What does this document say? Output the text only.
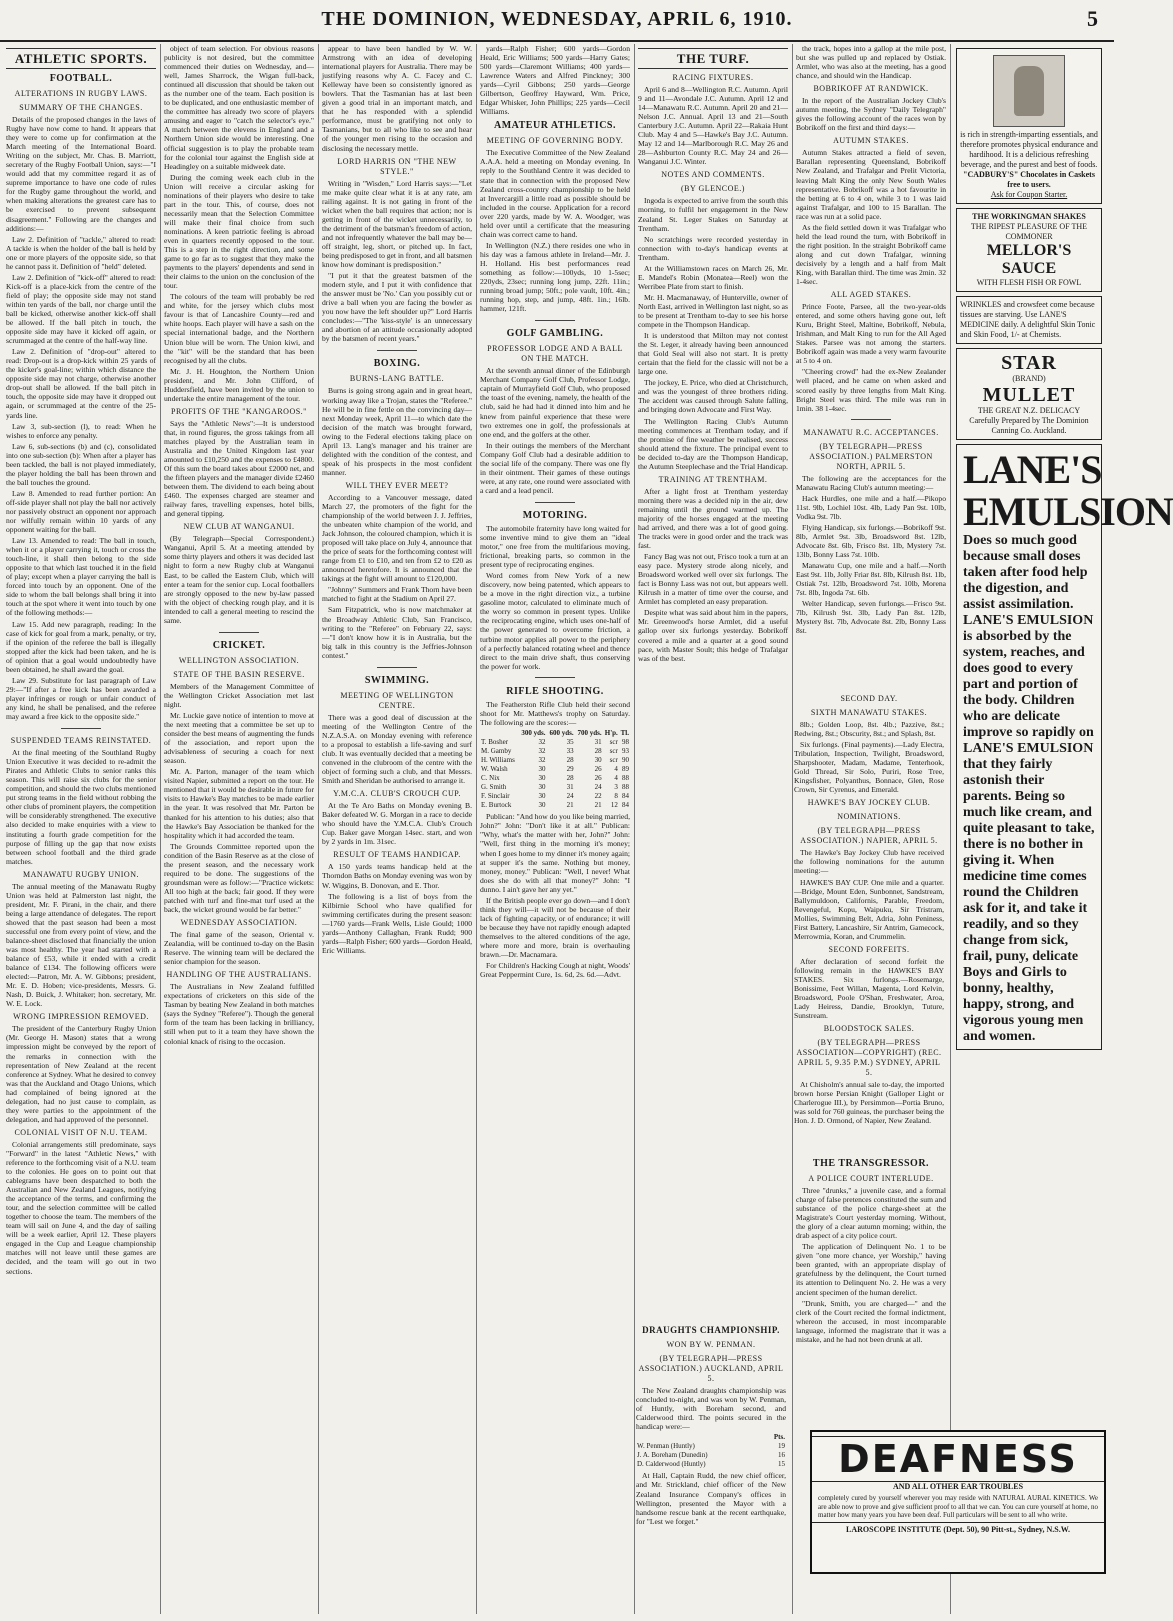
THE DOMINION, WEDNESDAY, APRIL 6, 1910.	5
ATHLETIC SPORTS.
FOOTBALL.
ALTERATIONS IN RUGBY LAWS.
SUMMARY OF THE CHANGES.

Details of the proposed changes in the laws of Rugby have now come to hand. It appears that they were to come up for confirmation at the March meeting of the International Board. Writing on the subject, Mr. Chas. B. Marriott, secretary of the Rugby Football Union, says:—"I would add that my committee regard it as of supreme importance to have one code of rules for the Rugby game throughout the world, and when making alterations the greatest care has to be exercised to prevent subsequent disagreement." Following are the changes and additions:—

Law 2. Definition of "tackle," altered to read: A tackle is when the holder of the ball is held by one or more players of the opposite side, so that he cannot pass it. Definition of "held" deleted.

Law 2. Definition of "kick-off" altered to read: Kick-off is a place-kick from the centre of the field of play; the opposite side may not stand within ten yards of the ball, nor charge until the ball be kicked, otherwise another kick-off shall be allowed. If the ball pitch in touch, the opposite side may have it kicked off again, or scrummaged at the centre of the half-way line.

Law 2. Definition of "drop-out" altered to read: Drop-out is a drop-kick within 25 yards of the kicker's goal-line; within which distance the opposite side may not charge, otherwise another drop-out shall be allowed. If the ball pitch in touch, the opposite side may have it dropped out again, or scrummaged at the centre of the 25-yards line.

Law 3, sub-section (l), to read: When he wishes to enforce any penalty.

Law 6, sub-sections (b) and (c), consolidated into one sub-section (b): When after a player has been tackled, the ball is not played immediately, the player holding the ball has been thrown and the ball touches the ground.

Law 8. Amended to read further portion: An off-side player shall not play the ball nor actively nor passively obstruct an opponent nor approach nor wilfully remain within 10 yards of any opponent waiting for the ball.

Law 13. Amended to read: The ball in touch, when it or a player carrying it, touch or cross the touch-line, it shall then belong to the side opposite to that which last touched it in the field of play; except when a player carrying the ball is forced into touch by an opponent. One of the side to whom the ball belongs shall bring it into touch at the spot where it went into touch by one of the following methods:—

Law 15. Add new paragraph, reading: In the case of kick for goal from a mark, penalty, or try, if the opinion of the referee the ball is illegally stopped after the kick had been taken, and he is of opinion that a goal would undoubtedly have been obtained, he shall award the goal.

Law 29. Substitute for last paragraph of Law 29:—"If after a free kick has been awarded a player infringes or rough or unfair conduct of any kind, he shall be penalised, and the referee may award a free kick to the opposite side."

SUSPENDED TEAMS REINSTATED.

At the final meeting of the Southland Rugby Union Executive it was decided to re-admit the Pirates and Athletic Clubs to senior ranks this season. This will raise six clubs for the senior competition, and should the two clubs mentioned put strong teams in the field without robbing the other clubs of prominent players, the competition will be considerably strengthened. The executive also decided to make enquiries with a view to instituting a fourth grade competition for the purpose of filling up the gap that now exists between school football and the third grade matches.

MANAWATU RUGBY UNION.

The annual meeting of the Manawatu Rugby Union was held at Palmerston last night, the president, Mr. F. Pirani, in the chair, and there being a large attendance of delegates. The report showed that the past season had been a most successful one from every point of view, and the balance-sheet disclosed that financially the union was most healthy. The year had started with a balance of £53, while it ended with a credit balance of £134. The following officers were elected:—Patron, Mr. A. W. Gibbons; president, Mr. E. D. Hoben; vice-presidents, Messrs. G. Nash, D. Buick, J. Whitaker; hon. secretary, Mr. W. E. Lock.

WRONG IMPRESSION REMOVED.

The president of the Canterbury Rugby Union (Mr. George H. Mason) states that a wrong impression might be conveyed by the report of the remarks in connection with the representation of New Zealand at the recent conference at Sydney. What he desired to convey was that the Auckland and Otago Unions, which had complained of being ignored at the delegation, had no just cause to complain, as they were parties to the appointment of the delegation, and had approved of the personnel.

COLONIAL VISIT OF N.U. TEAM.

Colonial arrangements still predominate, says "Forward" in the latest "Athletic News," with reference to the forthcoming visit of a N.U. team to the colonies. He goes on to point out that cablegrams have been despatched to both the Australian and New Zealand Leagues, notifying the acceptance of the terms, and confirming the tour, and the selection committee will be called together to choose the team. The members of the team will sail on June 4, and the day of sailing will be a week earlier, April 12. These players engaged in the Cup and League championship matches will not leave until these games are decided, and the team will go out in two sections.

object of team selection. For obvious reasons publicity is not desired, but the committee commenced their duties on Wednesday, and—well, James Sharrock, the Wigan full-back, continued all discussion that should be taken out as the number one of the team. Each position is to be duplicated, and one enthusiastic member of the committee has already two score of players amusing and eager to "catch the selector's eye." A match between the elevens in England and a Northern Union side would be interesting. One official suggestion is to play the probable team for the colonial tour against the English side at Headingley on a suitable midweek date.

During the coming week each club in the Union will receive a circular asking for nominations of their players who desire to take part in the tour. This, of course, does not necessarily mean that the Selection Committee will make their final choice from such nominations. A keen patriotic feeling is abroad even in quarters recently opposed to the tour. This is a step in the right direction, and some game to go far as to suggest that they make the payments to the players' dependents and send in their claims to the union on the conclusion of the tour.

The colours of the team will probably be red and white, for the jersey which clubs most favour is that of Lancashire County—red and white hoops. Each player will have a sash on the special international badge, and the Northern Union blue will be worn. The Union kiwi, and the "kit" will be the standard that has been recognised by all the clubs.

Mr. J. H. Houghton, the Northern Union president, and Mr. John Clifford, of Huddersfield, have been invited by the union to undertake the entire management of the tour.

PROFITS OF THE "KANGAROOS."

Says the "Athletic News":—It is understood that, in round figures, the gross takings from all matches played by the Australian team in Australia and the United Kingdom last year amounted to £10,250 and the expenses to £4800. Of this sum the board takes about £2000 net, and the fifteen players and the manager divide £2460 between them. The dividend to each being about £460. The expenses charged are steamer and railway fares, travelling expenses, hotel bills, and general tipping.

NEW CLUB AT WANGANUI.

(By Telegraph—Special Correspondent.) Wanganui, April 5. At a meeting attended by some thirty players and others it was decided last night to form a new Rugby club at Wanganui East, to be called the Eastern Club, which will enter a team for the senior cup. Local footballers are strongly opposed to the new by-law passed with the object of checking rough play, and it is intended to call a general meeting to rescind the same.

CRICKET.
WELLINGTON ASSOCIATION.
STATE OF THE BASIN RESERVE.

Members of the Management Committee of the Wellington Cricket Association met last night.

Mr. Luckie gave notice of intention to move at the next meeting that a committee be set up to consider the best means of augmenting the funds of the association, and report upon the advisableness of securing a coach for next season.

Mr. A. Parton, manager of the team which visited Napier, submitted a report on the tour. He mentioned that it would be desirable in future for visits to Hawke's Bay matches to be made earlier in the year. It was resolved that Mr. Parton be thanked for his attention to his duties; also that the Hawke's Bay Association be thanked for the hospitality which it had accorded the team.

The Grounds Committee reported upon the condition of the Basin Reserve as at the close of the present season, and the necessary work required to be done. The suggestions of the groundsman were as follow:—"Practice wickets: All too high at the back; fair good. If they were patched with turf and fine-mat turf used at the back, the wicket ground would be far better."

WEDNESDAY ASSOCIATION.

The final game of the season, Oriental v. Zealandia, will be continued to-day on the Basin Reserve. The winning team will be declared the senior champion for the season.

HANDLING OF THE AUSTRALIANS.

The Australians in New Zealand fulfilled expectations of cricketers on this side of the Tasman by beating New Zealand in both matches (says the Sydney "Referee"). Though the general form of the team has been lacking in brilliancy, still when put to it a team they have shown the colonial knack of rising to the occasion.

appear to have been handled by W. W. Armstrong with an idea of developing international players for Australia. There may be justifying reasons why A. C. Facey and C. Kelleway have been so consistently ignored as bowlers. That the Tasmanian has at last been given a good trial in an important match, and that he has responded with a splendid performance, must be gratifying not only to Tasmanians, but to all who like to see and hear of the younger men rising to the occasion and disclosing the necessary mettle.

LORD HARRIS ON "THE NEW STYLE."

Writing in "Wisden," Lord Harris says:—"Let me make quite clear what it is at any rate, am railing against. It is not gating in front of the wicket when the ball requires that action; nor is getting in front of the wicket unnecessarily, to the detriment of the batsman's freedom of action, and not infrequently whatever the ball may be— off straight, leg, short, or pitched up. In fact, being predisposed to get in front, and all batsmen know how dominant is predisposition."

"I put it that the greatest batsmen of the modern style, and I put it with confidence that the answer must be 'No.' Can you possibly cut or drive a ball when you are facing the bowler as you now have the left shoulder up?" Lord Harris concludes:—"The 'kiss-style' is an unnecessary and abortion of an attitude occasionally adopted by the batsmen of recent years."

BOXING.
BURNS-LANG BATTLE.

Burns is going strong again and in great heart, working away like a Trojan, states the "Referee." He will be in fine fettle on the convincing day—next Monday week, April 11—to which date the decision of the match was brought forward, owing to the Federal elections taking place on April 13. Lang's manager and his trainer are delighted with the condition of the contest, and speak of his prospects in the most confident manner.

WILL THEY EVER MEET?

According to a Vancouver message, dated March 27, the promoters of the fight for the championship of the world between J. J. Jeffries, the unbeaten white champion of the world, and Jack Johnson, the coloured champion, which it is proposed will take place on July 4, announce that the price of seats for the forthcoming contest will range from £1 to £10, and ten from £2 to £20 as announced heretofore. It is announced that the takings at the fight will amount to £120,000.

"Johnny" Summers and Frank Thorn have been matched to fight at the Stadium on April 27.

Sam Fitzpatrick, who is now matchmaker at the Broadway Athletic Club, San Francisco, writing to the "Referee" on February 22, says:—"I don't know how it is in Australia, but the big talk in this country is the Jeffries-Johnson contest."

SWIMMING.
MEETING OF WELLINGTON CENTRE.

There was a good deal of discussion at the meeting of the Wellington Centre of the N.Z.A.S.A. on Monday evening with reference to a proposal to establish a life-saving and surf club. It was eventually decided that a meeting be convened in the clubroom of the centre with the object of forming such a club, and that Messrs. Smith and Sheridan be authorised to arrange it.

Y.M.C.A. CLUB'S CROUCH CUP.

At the Te Aro Baths on Monday evening B. Baker defeated W. G. Morgan in a race to decide who should have the Y.M.C.A. Club's Crouch Cup. Baker gave Morgan 14sec. start, and won by 2 yards in 1m. 31sec.

RESULT OF TEAMS HANDICAP.

A 150 yards teams handicap held at the Thorndon Baths on Monday evening was won by W. Wiggins, B. Donovan, and E. Thor.

The following is a list of boys from the Kilbirnie School who have qualified for swimming certificates during the present season:—1760 yards—Frank Wells, Lisle Gould; 1000 yards—Anthony Callaghan, Frank Rudd; 900 yards—Ralph Fisher; 600 yards—Gordon Heald, Eric Williams.

yards—Ralph Fisher; 600 yards—Gordon Heald, Eric Williams; 500 yards—Harry Gates; 500 yards—Claremont Williams; 400 yards—Lawrence Waters and Alfred Pinckney; 300 yards—Cyril Gibbons; 250 yards—George Gilbertson, Geoffrey Hayward, Wm. Price, Edgar Whisker, John Phillips; 225 yards—Cecil Williams.

AMATEUR ATHLETICS.
MEETING OF GOVERNING BODY.

The Executive Committee of the New Zealand A.A.A. held a meeting on Monday evening. In reply to the Southland Centre it was decided to state that in connection with the proposed New Zealand cross-country championship to be held at Invercargill a little road as possible should be included in the course. Application for a record over 220 yards, made by W. A. Woodger, was held over until a certificate that the measuring chain was correct came to hand.

In Wellington (N.Z.) there resides one who in his day was a famous athlete in Ireland—Mr. J. H. Holland. His best performances read something as follow:—100yds, 10 1-5sec; 220yds, 23sec; running long jump, 22ft. 11in.; running broad jump; 50ft.; pole vault, 10ft. 4in.; running hop, step, and jump, 48ft. 1in.; 16lb. hammer, 121ft.

GOLF GAMBLING.
PROFESSOR LODGE AND A BALL ON THE MATCH.

At the seventh annual dinner of the Edinburgh Merchant Company Golf Club, Professor Lodge, captain of Murrayfield Golf Club, who proposed the toast of the evening, namely, the health of the club, said he had had it dinned into him and he knew from painful experience that these were two extremes one in golf, the professionals at one end, and the golfers at the other.

In their outings the members of the Merchant Company Golf Club had a desirable addition to the social life of the company. There was one fly in their ointment. Their games of these outings were, at any rate, one round were associated with a card and a lead pencil.

MOTORING.

The automobile fraternity have long waited for some inventive mind to give them an "ideal motor," one free from the multifarious moving, frictional, breaking parts, so common in the present type of reciprocating engines.

Word comes from New York of a new discovery, now being patented, which appears to be a move in the right direction viz., a turbine gasoline motor, calculated to eliminate much of the worry so common in present types. Unlike the reciprocating engine, which uses one-half of the power generated to overcome friction, a turbine motor applies all power to the periphery of a perfectly balanced rotating wheel and thence direct to the main drive shaft, thus conserving the power for work.

RIFLE SHOOTING.

The Featherston Rifle Club held their second shoot for Mr. Matthews's trophy on Saturday. The following are the scores:—

	300 yds.	600 yds.	700 yds.	H'p.	Tl.
T. Bosher	32	35	31	scr	98
M. Gamby	32	33	28	scr	93
H. Williams	32	28	30	scr	90
W. Walsh	30	29	26	4	89
C. Nix	30	28	26	4	88
G. Smith	30	31	24	3	88
F. Sinclair	30	24	22	8	84
E. Burtock	30	21	21	12	84

Publican: "And how do you like being married, John?" John: "Don't like it at all." Publican: "Why, what's the matter with her, John?" John: "Well, first thing in the morning it's money; when I goes home to my dinner it's money again; at supper it's the same. Nothing but money, money, money." Publican: "Well, I never! What does she do with all that money?" John: "I dunno. I ain't gave her any yet."

If the British people ever go down—and I don't think they will—it will not be because of their lack of fighting capacity, or of endurance; it will be because they have not rapidly enough adapted themselves to the altered conditions of the age, where more and more, brain is overhauling brawn.—Dr. Macnamara.

For Children's Hacking Cough at night, Woods' Great Peppermint Cure, 1s. 6d, 2s. 6d.—Advt.

THE TURF.
RACING FIXTURES.

April 6 and 8—Wellington R.C. Autumn. April 9 and 11—Avondale J.C. Autumn. April 12 and 14—Manawatu R.C. Autumn. April 20 and 21—Nelson J.C. Annual. April 13 and 21—South Canterbury J.C. Autumn. April 22—Rakaia Hunt Club. May 4 and 5—Hawke's Bay J.C. Autumn. May 12 and 14—Marlborough R.C. May 26 and 28—Ashburton County R.C. May 24 and 26—Wanganui J.C. Winter.

NOTES AND COMMENTS.
(BY GLENCOE.)

Ingoda is expected to arrive from the south this morning, to fulfil her engagement in the New Zealand St. Leger Stakes on Saturday at Trentham.

No scratchings were recorded yesterday in connection with to-day's handicap events at Trentham.

At the Williamstown races on March 26, Mr. E. Mandel's Robin (Monatea—Reel) won the Werribee Plate from start to finish.

Mr. H. Macmanaway, of Hunterville, owner of North East, arrived in Wellington last night, so as to be present at Trentham to-day to see his horse compete in the Thompson Handicap.

It is understood that Milton may not contest the St. Leger, it already having been announced that Gold Seal will also not start. It is pretty certain that the field for the classic will not be a large one.

The jockey, E. Price, who died at Christchurch, and was the youngest of three brothers riding. The accident was caused through Salute falling, and bringing down Advocate and First Way.

The Wellington Racing Club's Autumn meeting commences at Trentham today, and if the promise of fine weather be realised, success should attend the fixture. The principal event to be decided to-day are the Thompson Handicap, the Autumn Steeplechase and the Trial Handicap.

TRAINING AT TRENTHAM.

After a light frost at Trentham yesterday morning there was a decided nip in the air, dew remaining until the ground warmed up. The majority of the horses engaged at the meeting had arrived, and there was a lot of good going. The tracks were in good order and the track was fast.

Fancy Bag was not out, Frisco took a turn at an easy pace. Mystery strode along nicely, and Broadsword worked well over six furlongs. The fact is Bonny Lass was not out, but appears well. Kilrush in a matter of time over the course, and Armlet has completed an easy preparation.

Despite what was said about him in the papers, Mr. Greenwood's horse Armlet, did a useful gallop over six furlongs yesterday. Bobrikoff covered a mile and a quarter at a good sound pace, with Master Soult; this hedge of Trafalgar was of the best.

the track, hopes into a gallop at the mile post, but she was pulled up and replaced by Ostiak. Armlet, who was also at the meeting, has a good chance, and should win the Handicap.

BOBRIKOFF AT RANDWICK.

In the report of the Australian Jockey Club's autumn meeting, the Sydney "Daily Telegraph" gives the following account of the races won by Bobrikoff on the first and third days:—

AUTUMN STAKES.

Autumn Stakes attracted a field of seven, Barallan representing Queensland, Bobrikoff New Zealand, and Trafalgar and Prelit Victoria, leaving Malt King the only New South Wales representative. Bobrikoff was a hot favourite in the betting at 6 to 4 on, while 3 to 1 was laid against Trafalgar, and 100 to 15 Barallan. The race was run at a solid pace.

As the field settled down it was Trafalgar who held the lead round the turn, with Bobrikoff in the right position. In the straight Bobrikoff came along and cut down Trafalgar, winning decisively by a length and a half from Malt King, with Barallan third. The time was 2min. 32 1-4sec.

ALL AGED STAKES.

Prince Foote, Parsee, all the two-year-olds entered, and some others having gone out, left Kuru, Bright Steel, Maltine, Bobrikoff, Nebula, Irishman, and Malt King to run for the All Aged Stakes. Parsee was not among the starters. Bobrikoff again was made a very warm favourite at 5 to 4 on.

"Cheering crowd" had the ex-New Zealander well placed, and he came on when asked and scored easily by three lengths from Malt King. Bright Steel was third. The mile was run in 1min. 38 1-4sec.

MANAWATU R.C. ACCEPTANCES.
(BY TELEGRAPH—PRESS ASSOCIATION.) PALMERSTON NORTH, APRIL 5.

The following are the acceptances for the Manawatu Racing Club's autumn meeting:—

Hack Hurdles, one mile and a half.—Pikopo 11st. 9lb, Lochiel 10st. 4lb, Lady Pan 9st. 10lb, Vodka 9st. 7lb.

Flying Handicap, six furlongs.—Bobrikoff 9st. 8lb, Armlet 9st. 3lb, Broadsword 8st. 12lb, Advocate 8st. 6lb, Frisco 8st. 1lb, Mystery 7st. 13lb, Bonny Lass 7st. 10lb.

Manawatu Cup, one mile and a half.—North East 9st. 1lb, Jolly Friar 8st. 8lb, Kilrush 8st. 1lb, Ostiak 7st. 12lb, Broadsword 7st. 10lb, Morena 7st. 8lb, Ingoda 7st. 6lb.

Welter Handicap, seven furlongs.—Frisco 9st. 7lb, Kilrush 9st. 3lb, Lady Pan 8st. 12lb, Mystery 8st. 7lb, Advocate 8st. 2lb, Bonny Lass 8st.

is rich in strength-imparting essentials, and therefore promotes physical endurance and hardihood. It is a delicious refreshing beverage, and the purest and best of foods.
"CADBURY'S" Chocolates in Caskets free to users.
Ask for Coupon Starter.
THE WORKINGMAN SHAKES
THE RIPEST PLEASURE OF THE COMMONER
MELLOR'S SAUCE
WITH FLESH FISH OR FOWL
WRINKLES and crowsfeet come because tissues are starving. Use LANE'S MEDICINE daily. A delightful Skin Tonic and Skin Food, 1/- at Chemists.
STAR
(BRAND)
MULLET
THE GREAT N.Z. DELICACY
Carefully Prepared by The Dominion Canning Co. Auckland.
LANE'S EMULSION
Does so much good because small doses taken after food help the digestion, and assist assimilation. LANE'S EMULSION is absorbed by the system, reaches, and does good to every part and portion of the body. Children who are delicate improve so rapidly on LANE'S EMULSION that they fairly astonish their parents. Being so much like cream, and quite pleasant to take, there is no bother in giving it. When medicine time comes round the Children ask for it, and take it readily, and so they change from sick, frail, puny, delicate Boys and Girls to bonny, healthy, happy, strong, and vigorous young men and women.
THE TRANSGRESSOR.
A POLICE COURT INTERLUDE.

Three "drunks," a juvenile case, and a formal charge of false pretences constituted the sum and substance of the police charge-sheet at the Magistrate's Court yesterday morning. Without, the glory of a clear autumn morning; within, the drab aspect of a city police court.

The application of Delinquent No. 1 to be given "one more chance, yer Worship," having been granted, with an appropriate display of gratefulness by the delinquent, the Court turned its attention to Delinquent No. 2. He was a very ancient specimen of the human derelict.

"Drunk, Smith, you are charged—" and the clerk of the Court recited the formal indictment, whereon the accused, in most incomparable language, informed the magistrate that it was a mistake, and he had not been drunk at all.

SECOND DAY.
SIXTH MANAWATU STAKES.

8lb.; Golden Loop, 8st. 4lb.; Pazzive, 8st.; Redwing, 8st.; Obscurity, 8st.; and Splash, 8st.

Six furlongs. (Final payments).—Lady Electra, Tribulation, Inspection, Twilight, Broadsword, Sharpshooter, Madam, Madame, Tenterhook, Gold Thread, Sir Solo, Puriri, Rose Tree, Kingsfisher, Polyanthus, Bonnace, Glen, Rose Crown, Sir Cyrenus, and Emerald.

HAWKE'S BAY JOCKEY CLUB.
NOMINATIONS.
(BY TELEGRAPH—PRESS ASSOCIATION.) NAPIER, APRIL 5.

The Hawke's Bay Jockey Club have received the following nominations for the autumn meeting:—

HAWKE'S BAY CUP. One mile and a quarter.—Bridge, Mount Eden, Sunbonnet, Sandstream, Ballymuldoon, Californis, Parable, Freedom, Revengeful, Kopu, Waipuku, Sir Tristram, Mollies, Swimming Belt, Adria, John Peniness, First Battery, Lancashire, Sir Antrim, Gamecock, Merrowmia, Koran, and Crummelin.

SECOND FORFEITS.

After declaration of second forfeit the following remain in the HAWKE'S BAY STAKES. Six furlongs.—Rosemarge, Bonissime, Feet Willan, Magenta, Lord Kelvin, Broadsword, Poole O'Shan, Freshwater, Aroa, Lady Heiress, Dandie, Brooklyn, Tuture, Sunstream.

BLOODSTOCK SALES.
(BY TELEGRAPH—PRESS ASSOCIATION—COPYRIGHT) (REC. APRIL 5, 9.35 P.M.) SYDNEY, APRIL 5.

At Chisholm's annual sale to-day, the imported brown horse Persian Knight (Galloper Light or Charlerogue III.), by Persimmon—Portia Bruno, was sold for 760 guineas, the purchaser being the Hon. J. D. Ormond, of Napier, New Zealand.

DRAUGHTS CHAMPIONSHIP.
WON BY W. PENMAN.
(BY TELEGRAPH—PRESS ASSOCIATION.) AUCKLAND, APRIL 5.

The New Zealand draughts championship was concluded to-night, and was won by W. Penman, of Huntly, with Boreham second, and Calderwood third. The points secured in the handicap were:—

	Pts.
W. Penman (Huntly)	19
J. A. Boreham (Dunedin)	16
D. Calderwood (Huntly)	15

At Hall, Captain Rudd, the new chief officer, and Mr. Strickland, chief officer of the New Zealand Insurance Company's offices in Wellington, presented the Mayor with a handsome rescue bank at the recent earthquake, for "Lest we forget."

DEAFNESS
AND ALL OTHER EAR TROUBLES
completely cured by yourself wherever you may reside with NATURAL AURAL KINETICS. We are able now to prove and give sufficient proof to all that we can. You can cure yourself at home, no matter how many years you have been deaf. Full particulars will be sent to all who write.
LAROSCOPE INSTITUTE (Dept. 50), 90 Pitt-st., Sydney, N.S.W.
